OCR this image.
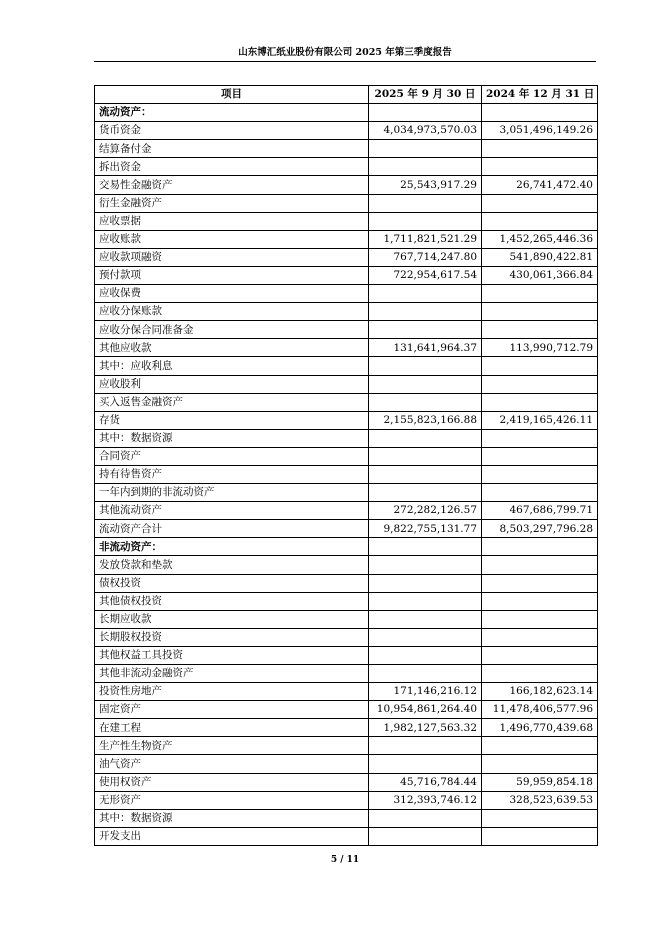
山东博汇纸业股份有限公司 2025 年第三季度报告
项目	2025 年 9 月 30 日	2024 年 12 月 31 日
流动资产：		
货币资金	4,034,973,570.03	3,051,496,149.26
结算备付金		
拆出资金		
交易性金融资产	25,543,917.29	26,741,472.40
衍生金融资产		
应收票据		
应收账款	1,711,821,521.29	1,452,265,446.36
应收款项融资	767,714,247.80	541,890,422.81
预付款项	722,954,617.54	430,061,366.84
应收保费		
应收分保账款		
应收分保合同准备金		
其他应收款	131,641,964.37	113,990,712.79
其中：应收利息		
应收股利		
买入返售金融资产		
存货	2,155,823,166.88	2,419,165,426.11
其中：数据资源		
合同资产		
持有待售资产		
一年内到期的非流动资产		
其他流动资产	272,282,126.57	467,686,799.71
流动资产合计	9,822,755,131.77	8,503,297,796.28
非流动资产：		
发放贷款和垫款		
债权投资		
其他债权投资		
长期应收款		
长期股权投资		
其他权益工具投资		
其他非流动金融资产		
投资性房地产	171,146,216.12	166,182,623.14
固定资产	10,954,861,264.40	11,478,406,577.96
在建工程	1,982,127,563.32	1,496,770,439.68
生产性生物资产		
油气资产		
使用权资产	45,716,784.44	59,959,854.18
无形资产	312,393,746.12	328,523,639.53
其中：数据资源		
开发支出		
5 / 11
